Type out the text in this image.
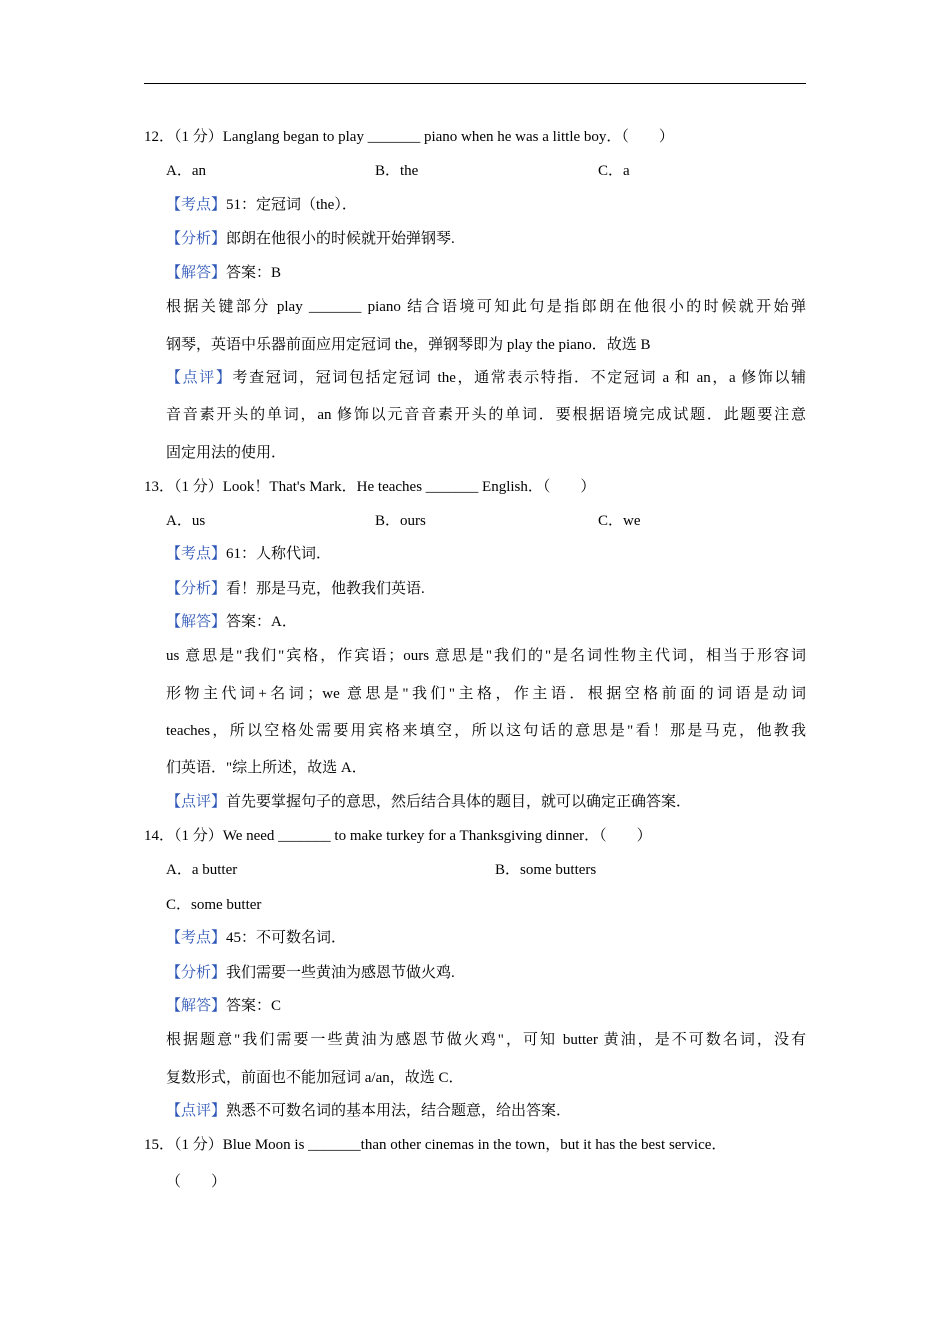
12．（1 分）Langlang began to play _______ piano when he was a little boy．（　　）
A．an	B．the	C．a
【考点】51：定冠词（the）．
【分析】郎朗在他很小的时候就开始弹钢琴.
【解答】答案：B
根据关键部分 play _______ piano 结合语境可知此句是指郎朗在他很小的时候就开始弹
钢琴，英语中乐器前面应用定冠词 the，弹钢琴即为 play the piano．故选 B
【点评】考查冠词，冠词包括定冠词 the，通常表示特指．不定冠词 a 和 an，a 修饰以辅
音音素开头的单词，an 修饰以元音音素开头的单词．要根据语境完成试题．此题要注意
固定用法的使用．
13．（1 分）Look！That's Mark．He teaches _______ English．（　　）
A．us	B．ours	C．we
【考点】61：人称代词．
【分析】看！那是马克，他教我们英语.
【解答】答案：A．
us 意思是"我们"宾格，作宾语；ours 意思是"我们的"是名词性物主代词，相当于形容词
形物主代词+名词；we 意思是"我们"主格，作主语．根据空格前面的词语是动词
teaches，所以空格处需要用宾格来填空，所以这句话的意思是"看！那是马克，他教我
们英语．"综上所述，故选 A．
【点评】首先要掌握句子的意思，然后结合具体的题目，就可以确定正确答案．
14．（1 分）We need _______ to make turkey for a Thanksgiving dinner．（　　）
A．a butter	B．some butters
C．some butter
【考点】45：不可数名词．
【分析】我们需要一些黄油为感恩节做火鸡.
【解答】答案：C
根据题意"我们需要一些黄油为感恩节做火鸡"，可知 butter 黄油，是不可数名词，没有
复数形式，前面也不能加冠词 a/an，故选 C．
【点评】熟悉不可数名词的基本用法，结合题意，给出答案．
15．（1 分）Blue Moon is _______than other cinemas in the town，but it has the best service．
（　　）
